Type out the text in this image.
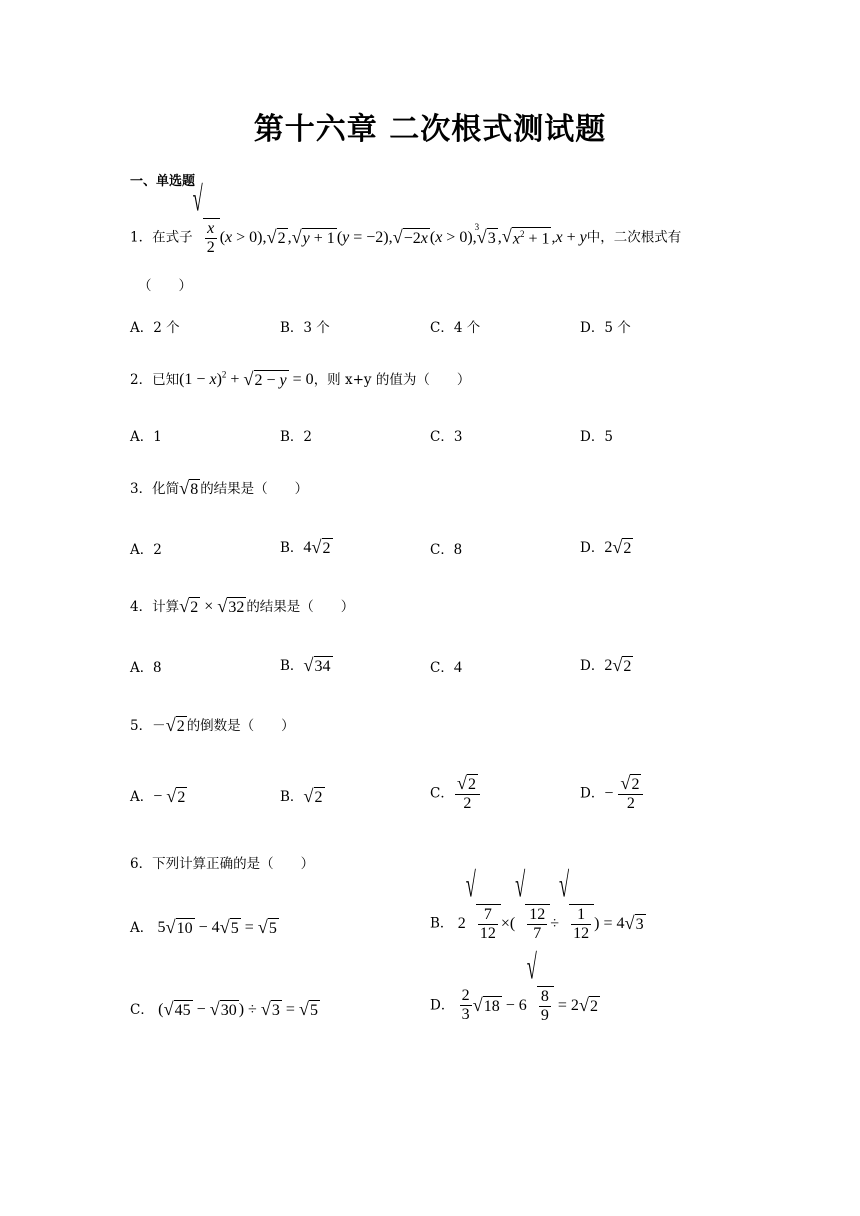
第十六章 二次根式测试题
一、单选题
1．在式子
√
$\frac{x}{2} (x > 0)$, √ 2 , √ y + 1 (y = −2), √ −2x (x > 0),
3
√ 3 , √ $x^2 + 1$ ,x + y中，二次根式有
（　　）
A．2 个	B．3 个	C．4 个	D．5 个
2．已知$(1 - x)^2$ + √ 2 − y = 0，则 x+y 的值为（　　）
A．1	B．2	C．3	D．5
3．化简 √ 8 的结果是（　　）
A．2	B．4 √ 2	C．8	D．2 √ 2
4．计算 √ 2 × √ 32 的结果是（　　）
A．8	B． √ 34	C．4	D．2 √ 2
5．－ √ 2 的倒数是（　　）
A．− √ 2	B． √ 2	C． $\frac{√ 2}{2}$	D．− $\frac{√ 2}{2}$
6．下列计算正确的是（　　）
A． 5 √ 10 − 4 √ 5 = √ 5	B． 2
√
$\frac{7}{12}$ ×(
√
$\frac{12}{7}$ ÷
√
$\frac{1}{12}$ ) = 4 √ 3
C． ( √ 45 − √ 30 ) ÷ √ 3 = √ 5	D． $\frac{2}{3}$ √ 18 − 6
√
$\frac{8}{9} = 2$ √ 2
